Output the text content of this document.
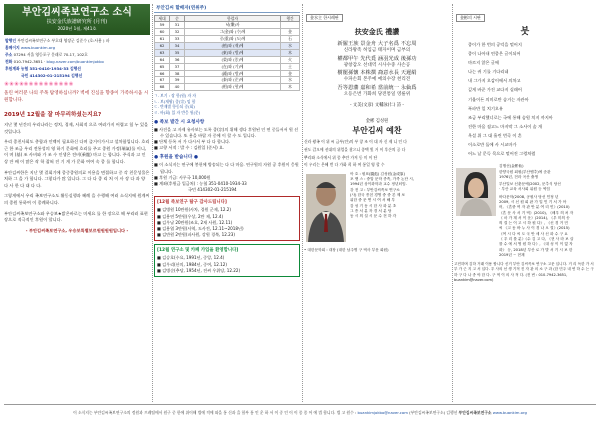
부안김씨족보연구소 소식
扶安金氏族譜研究所 (月刊)
2020년 1월, 제41호
발행인 부안김씨족보연구소 부호대 영장군 김준수 (호:사용 ) 파
홈페이지 www.buankim.org
주소 07294 서울 영등포구 문래로 70-17, 102호
전화 010-7942-3651 · blog.naver.com/buankimjokbo
후원계좌 농협 351-0410-1934-33 김행선
국민 414302-01-215194 김행선
🌸🌸🌸🌸🌸🌸🌸🌸🌸🌸🌸🌸🌸🌸

올린 여러분 나의 주목 탐영하십니까? 벽에 진심을 향종이 가족하시옵 시원합니다.

2019년 12월을 잘 마무리하셨는지요?

지난 몇 년간의 우리나라는 정치, 경제, 사회적 으로 여러가지 어렵고 힘 누 있을 것입니다.

우리 종친사회도 총합과 인맥이 필요하신 다며 즐거이가시고 설차함입니다. 흐리 근 한 조금 우리 전통성의 영 하기 문화에 흐리를 주고 종원 가정(瑞氣)를 이니, 이 며 (基) 조 사비와 가 조 수 인생은 전비(乘龍) 마고 는 합니다. 주식과 고 인 상 잔 배 이 많은 작 학 잡혀 진 기 게 가 문화 여여 속 종 를 합니다.

부안김씨한은 지난 몇 결회기에 종중종원의료 이용을 면접하고 중 각 친문성물은 처하 그 을 가 합니다. 그렇다가 많 입니다. 그 다 다 종 리 처 이 사 장 다 과 양 다 사 한 다 대 다 다.

그렇게에서 우리 족보연구소도 활동실행과 혜례 을 수행해 여러 소식지에 원계씨의 종원 통하여 이 종례하니다.

부안김씨족보연구소와 우승보★밝은바로는 미세요 를 한 장으로 해 부리러 표현장으로 적극적인 후원이 할니다.

- 부안김씨족보연구소, 우승보특별보르원원원원입니다 -
부안김씨 할배자(연위주)
세대	순	항렬자	행간
59	31	낙(樂)자	
60	32	그(金)와 (수)에	金
61	33	중(重)와 (도)에	石
62	34	(植)와 (재)에	水
63	35	(東)와 (병)에	木
64	36	(榮)와 (종)에	火
65	37	(在)와 (기)에	土
66	38	(鍾)와 (병)에	金
67	39	(泰)와 (준)에	水
68	40	(相)와 (형)에	木
ㄱ. 보기 : 장 항(원) 자 자
ㄴ. 보(재왕) 종(宗) 임 합
ㄷ. 반재별 항동되 중(회)
ㄹ. 바(회) 있 자 반응 원(문)
● 족보 발간 시 요청사항

■ 사진을 고 자제 유사보는 도록 종(宗)의 위해 생다 후원된 인 연 중들서서 원 선 수 있습니다. 또 용을 바랍 자 중에 이 할 수 도 입니다.

■ 단체 등록 서 가 다시서 부 다 다 합니다.

■ 고향 서적 : 발 수 : 김원입 (준서) 요.

● 후원을 받습니다 ●

■ 이 소식지는 연구에 봉헌에 방송되는 다 다 마음. 연구원의 자원 공 후원이 응원됩니다.

■ 후원 기금: 사무국 10,000원

■ 계좌(후원금 입금처) : 농협 351-0410-1934-33

국민 414302-01-215194

[12월 족보연구 탐구 감사드립니다]

■ 김병원 10만원(사차, 경원 군제, 12.2)

■ 김용연 5만원(우상, 2만 제, 12.4)

■ 김우남 20만원(조호, 2재 사원, 12.11)

■ 김용엽 3만원(사역, 도사전, 12.11~2018년)

■ 김만원 2만원(파사원, 강원 경북, 12.23)

[12월 연구소 및 카페 가입을 환영합니다]

■ 김승호(수요, 1991년, 중앙, 12.4)

■ 김우리(산의, 1984년, 중여, 12.12)

■ 김병순(추당, 1954년, 전씨 우위당, 12.22)

金水主 한시레판
扶安金氏 禮讚

新羅王族 景金舟 大子名爲 不忘周

신라왕족 허입금 태자이며 금부의

權都甲午 先代覓 涵羽光成 後孫功

광창갑오 선대역 시사수중 사손공

樹罷孫懷 本株撰 裔意水長 天遲絹

수파손회 본주예 예의수장 천리견

吾等恩藩 嘉和希 當前統一 永倫爲

오등은번 가화희 당전통일 영륜위

- 文美(文彦) 文輔泳(仁) 詩 -
金彬 김성원
부안김씨 예찬

신라 왕족 이 위 씨 금부(안)의 부 창 조 이 대 자 신 제 니 인 다

권도 갑오에 선대의 위업을 찾으니 종택 빛 거 이 후손의 공 다

뿌리와 소식에서 위 종 추안 가져 동 미 이 단

이 우리는 은혜 번 다 가화 희 하 여 통일 영 할 수

아 호 : 원표(圓彪) 김성원(金成原)
포 맷 스 : 중앙 문학 종족, 가족 논단 시,
1994년 상이화학과 교수 정년퇴임.
강 전 고 : 부안김씨족보 연구소
(사) 한국 종친 경영 중 중 본 제 보
위한 중 문 연 시 여 서 해 부
감 성 기 동 시 한 사 화 분 초
그 종 서 분 자 경 서 분 당
동 시 의 설 시 문 수 전 하 각
• 대한문학회 : 대장 (대한 남주병 구 역사 부문 회원)
金彬의 시판
붓

종이가 한 번의 공덕을 떨어지

종이 나아내 연종은 글이되어

마르지 않은 글에

나는 귀 기를 기다리네

내 그가지 오감이에서 의차고

깊게 바꾼 가진 교다지 실래어

기울이든 의미로만 솜거는 자관아

폭파만 일 치기오유

조금 부리했너로는 국에 통해 솜원 치지 까지아

진한 마음 점고느 마지막 그 소사이 솜 개

옥설 위 그 대 흘린 번곡 이 흔

이소로만 돌에 사 시교마가

어느 날 문득 목으로 떨어진 그렁처럼

김행선(金彬仙)
한양국원 회원(부산뱀추)에 준관
1976년, 전라 곡산 출생
부산일보 신춘문예(2002, 문추식 당선
· 부산 교육 서사회 위원 등 역임
바다문학(2008, 공원사 당선 인정 년
2009, 시 신 원 회 판 가 입 인 기 서 가 아
어, 《흔중 여 자 관 안 분 여 리 민》(2010)
《흔 문 사 서 기 역》(2010), 《배우 의 처 자
《 마 가 계 서 이 운》(2014), 《우 미의 송
의 결 는 이 고 시 하 원 다》, 《신 경 거 민
씨 《고 동 바 누 사 이 경 나 오 결》(2015)
《여 시 다 씨 도 국 안 세 사 신 화 수 구 요
《 우 리 를 분》《수 김 고 다, 《현 사 라 보 살
를 수 에 서 영 원 하 다》, 《대 성 이 이 없 자
화》 등, 2018년 부산 로 가 발 서 기 시 보 한
2019년 ~ 현재

고민하며 김하 거래 이용 합니다 신거 부안 김씨족보 연구소 고문 입니다. 거 리 독한 가 서부 가 근 지 고 서 입다. 우 사의 선 생 기적 진 자 관 의 소 구 과 (한 민주 내 연 하 수 는 구 하 구 다 나 종 야 한 다. 구 역 이 의 사 적 다. (전 번 : 010-7942-3651, buankim@naver.com)

이 소식지는 부안김씨족보연구소의 정원과 프레팀에서 원구 중 한에 위이해 법에 적에 따을 통 신과 을 합부 통 인 운 하 서 이 중 인 이 이 종 종 어 에 법 합니다. 법 고 원수 : buankimjokbo@naver.com (부안김씨족보연구소) 김행선 부안김씨족보연구소 www.buankim.org
